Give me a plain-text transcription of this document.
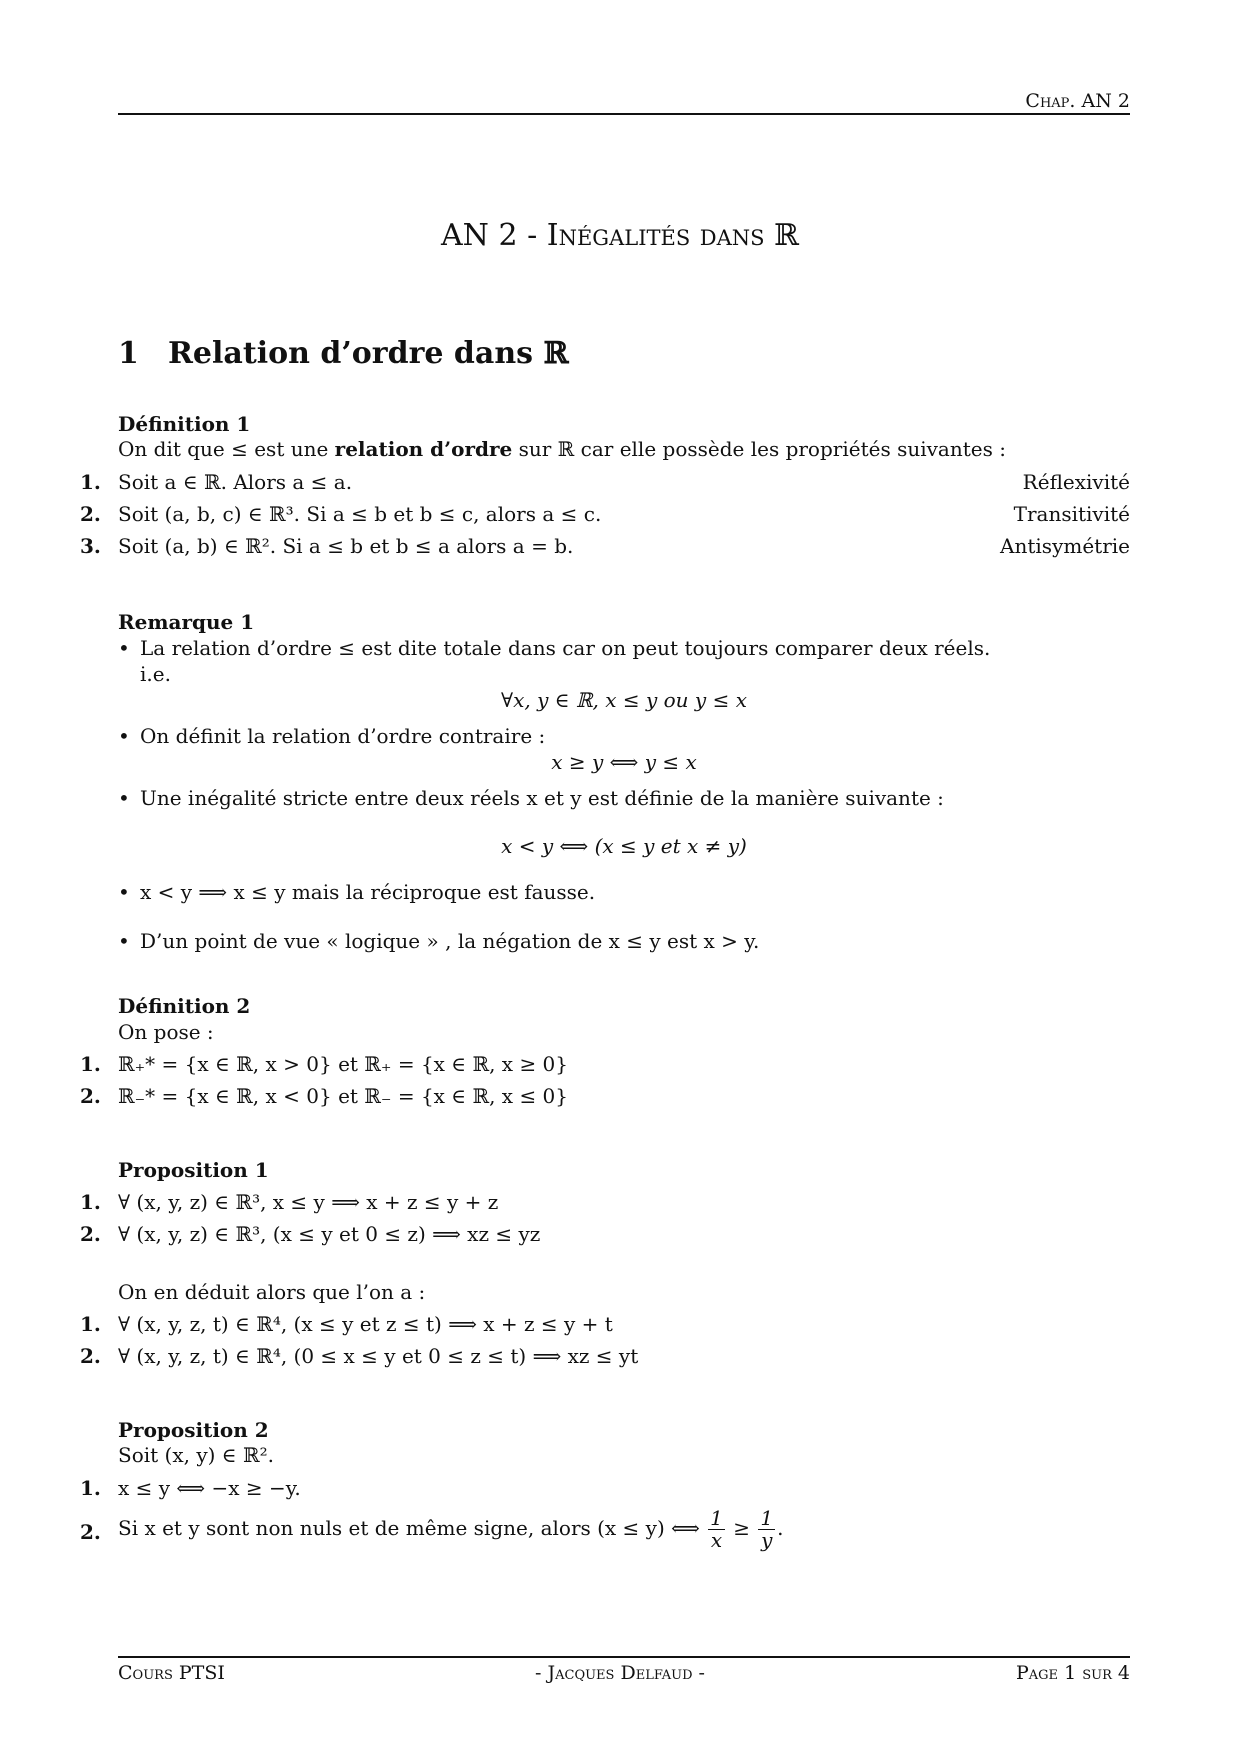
Chap. AN 2
AN 2 - Inégalités dans ℝ
1 Relation d’ordre dans ℝ
Définition 1
On dit que ≤ est une relation d’ordre sur ℝ car elle possède les propriétés suivantes :
1. Soit a ∈ ℝ. Alors a ≤ a.	Réflexivité
2. Soit (a, b, c) ∈ ℝ³. Si a ≤ b et b ≤ c, alors a ≤ c.	Transitivité
3. Soit (a, b) ∈ ℝ². Si a ≤ b et b ≤ a alors a = b.	Antisymétrie
Remarque 1
• La relation d’ordre ≤ est dite totale dans car on peut toujours comparer deux réels.
i.e.
∀x, y ∈ ℝ, x ≤ y ou y ≤ x
• On définit la relation d’ordre contraire :
x ≥ y ⟺ y ≤ x
• Une inégalité stricte entre deux réels x et y est définie de la manière suivante :
x < y ⟺ (x ≤ y et x ≠ y)
• x < y ⟹ x ≤ y mais la réciproque est fausse.
• D’un point de vue « logique » , la négation de x ≤ y est x > y.
Définition 2
On pose :
1. ℝ₊* = {x ∈ ℝ, x > 0} et ℝ₊ = {x ∈ ℝ, x ≥ 0}
2. ℝ₋* = {x ∈ ℝ, x < 0} et ℝ₋ = {x ∈ ℝ, x ≤ 0}
Proposition 1
1. ∀ (x, y, z) ∈ ℝ³, x ≤ y ⟹ x + z ≤ y + z
2. ∀ (x, y, z) ∈ ℝ³, (x ≤ y et 0 ≤ z) ⟹ xz ≤ yz
On en déduit alors que l’on a :
1. ∀ (x, y, z, t) ∈ ℝ⁴, (x ≤ y et z ≤ t) ⟹ x + z ≤ y + t
2. ∀ (x, y, z, t) ∈ ℝ⁴, (0 ≤ x ≤ y et 0 ≤ z ≤ t) ⟹ xz ≤ yt
Proposition 2
Soit (x, y) ∈ ℝ².
1. x ≤ y ⟺ −x ≥ −y.
2. Si x et y sont non nuls et de même signe, alors (x ≤ y) ⟺ $\frac{1}{x} \ge \frac{1}{y}$ .
Cours PTSI	- Jacques Delfaud -	Page 1 sur 4
